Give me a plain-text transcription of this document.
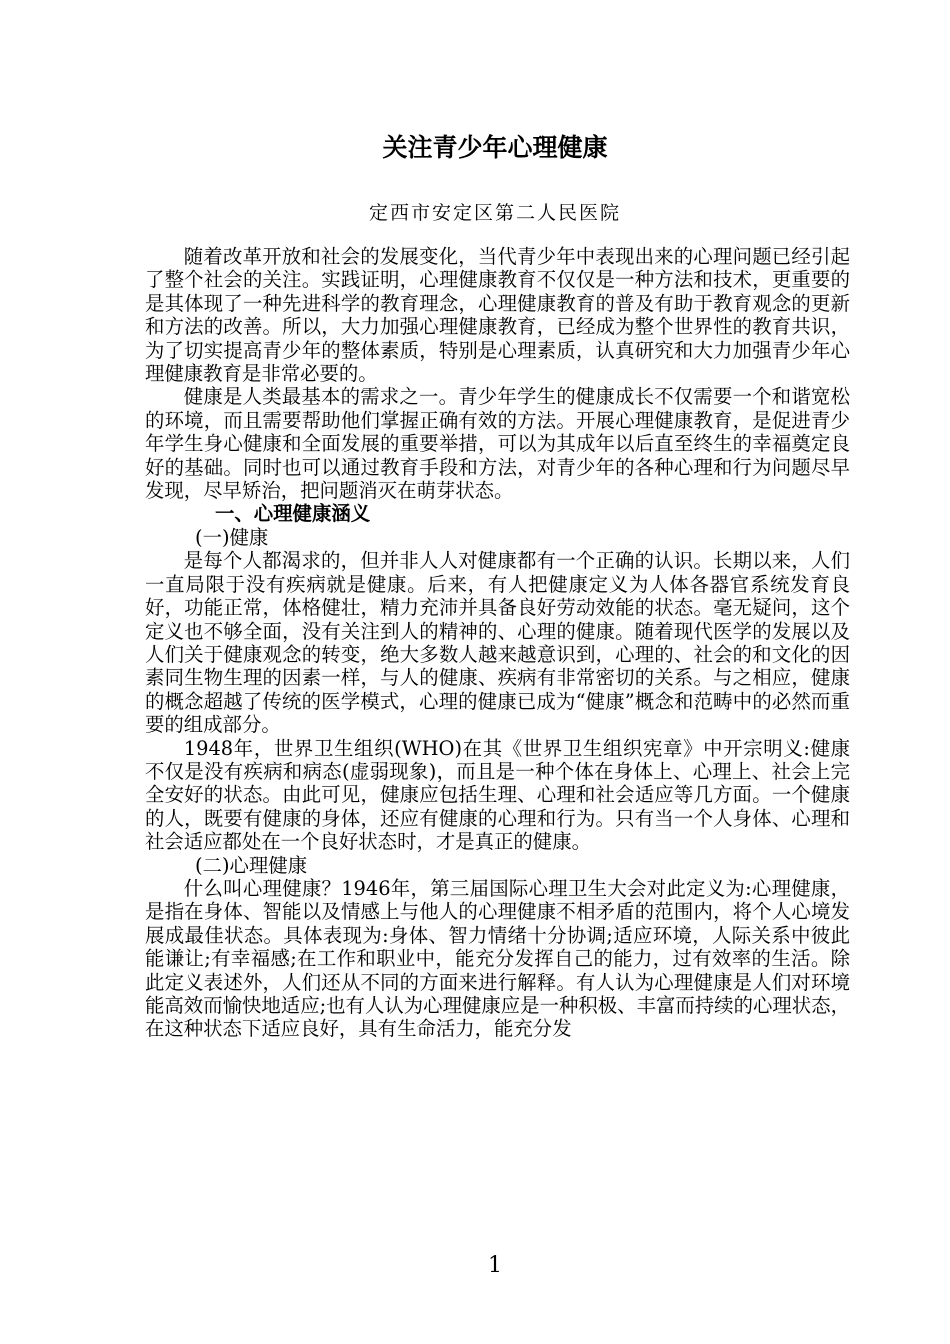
关注青少年心理健康
定西市安定区第二人民医院

随着改革开放和社会的发展变化，当代青少年中表现出来的心理问题已经引起了整个社会的关注。实践证明，心理健康教育不仅仅是一种方法和技术，更重要的是其体现了一种先进科学的教育理念，心理健康教育的普及有助于教育观念的更新和方法的改善。所以，大力加强心理健康教育，已经成为整个世界性的教育共识，为了切实提高青少年的整体素质，特别是心理素质，认真研究和大力加强青少年心理健康教育是非常必要的。

健康是人类最基本的需求之一。青少年学生的健康成长不仅需要一个和谐宽松的环境，而且需要帮助他们掌握正确有效的方法。开展心理健康教育，是促进青少年学生身心健康和全面发展的重要举措，可以为其成年以后直至终生的幸福奠定良好的基础。同时也可以通过教育手段和方法，对青少年的各种心理和行为问题尽早发现，尽早矫治，把问题消灭在萌芽状态。

一、心理健康涵义
(一)健康

是每个人都渴求的，但并非人人对健康都有一个正确的认识。长期以来，人们一直局限于没有疾病就是健康。后来，有人把健康定义为人体各器官系统发育良好，功能正常，体格健壮，精力充沛并具备良好劳动效能的状态。毫无疑问，这个定义也不够全面，没有关注到人的精神的、心理的健康。随着现代医学的发展以及人们关于健康观念的转变，绝大多数人越来越意识到，心理的、社会的和文化的因素同生物生理的因素一样，与人的健康、疾病有非常密切的关系。与之相应，健康的概念超越了传统的医学模式，心理的健康已成为“健康”概念和范畴中的必然而重要的组成部分。

1948年，世界卫生组织(WHO)在其《世界卫生组织宪章》中开宗明义:健康不仅是没有疾病和病态(虚弱现象)，而且是一种个体在身体上、心理上、社会上完全安好的状态。由此可见，健康应包括生理、心理和社会适应等几方面。一个健康的人，既要有健康的身体，还应有健康的心理和行为。只有当一个人身体、心理和社会适应都处在一个良好状态时，才是真正的健康。

(二)心理健康

什么叫心理健康？1946年，第三届国际心理卫生大会对此定义为:心理健康，是指在身体、智能以及情感上与他人的心理健康不相矛盾的范围内，将个人心境发展成最佳状态。具体表现为:身体、智力情绪十分协调;适应环境，人际关系中彼此能谦让;有幸福感;在工作和职业中，能充分发挥自己的能力，过有效率的生活。除此定义表述外，人们还从不同的方面来进行解释。有人认为心理健康是人们对环境能高效而愉快地适应;也有人认为心理健康应是一种积极、丰富而持续的心理状态，在这种状态下适应良好，具有生命活力，能充分发

1
